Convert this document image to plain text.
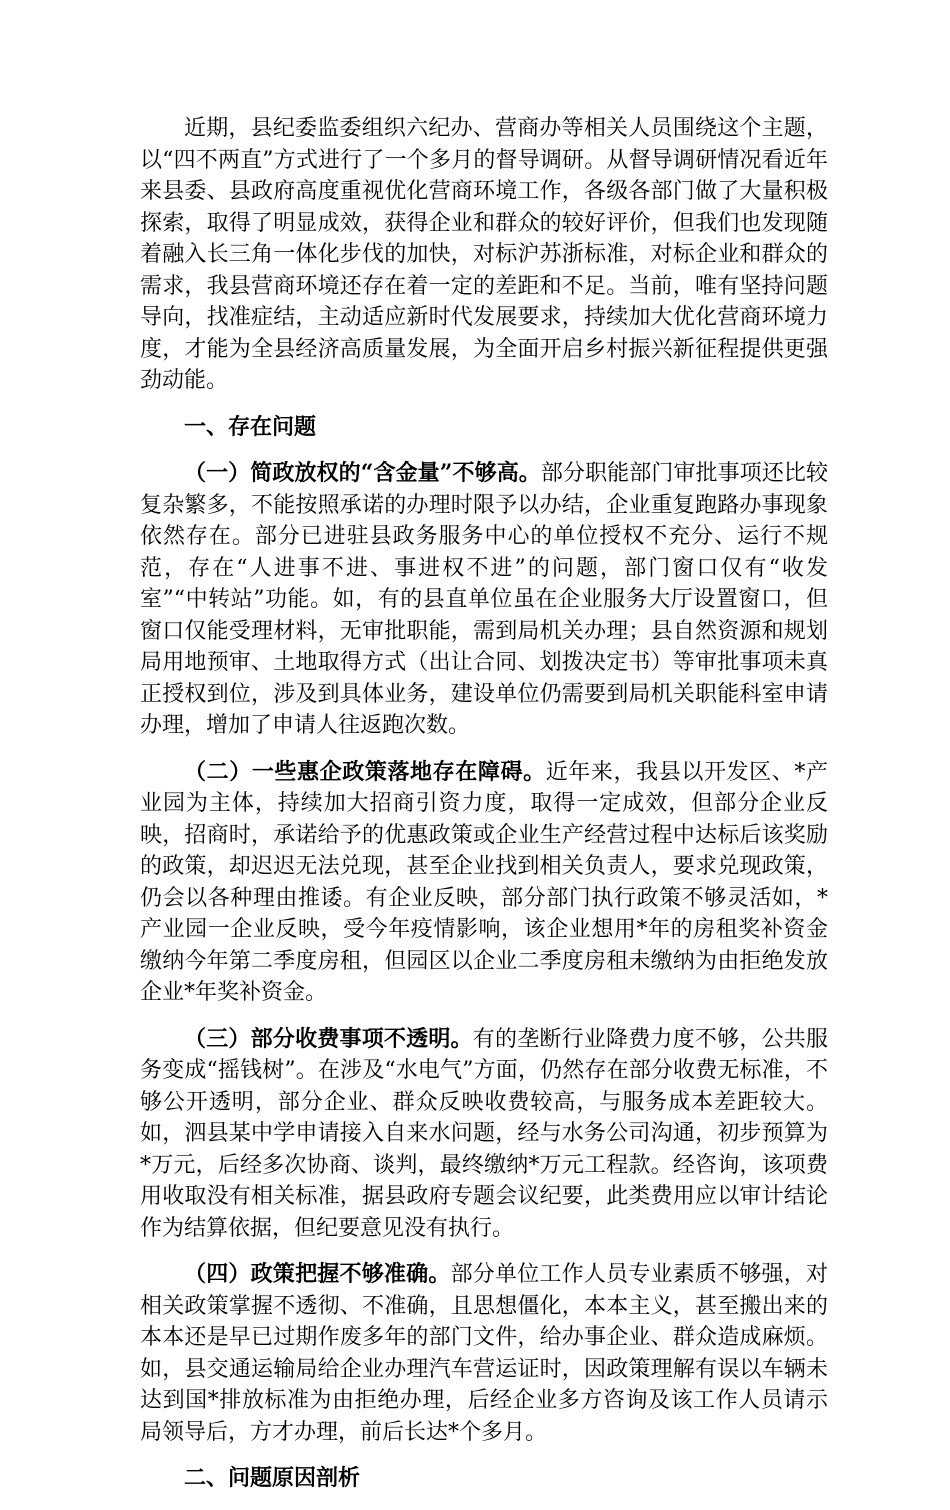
近期，县纪委监委组织六纪办、营商办等相关人员围绕这个主题，以“四不两直”方式进行了一个多月的督导调研。从督导调研情况看近年来县委、县政府高度重视优化营商环境工作，各级各部门做了大量积极探索，取得了明显成效，获得企业和群众的较好评价，但我们也发现随着融入长三角一体化步伐的加快，对标沪苏浙标准，对标企业和群众的需求，我县营商环境还存在着一定的差距和不足。当前，唯有坚持问题导向，找准症结，主动适应新时代发展要求，持续加大优化营商环境力度，才能为全县经济高质量发展，为全面开启乡村振兴新征程提供更强劲动能。

一、存在问题

（一）简政放权的“含金量”不够高。部分职能部门审批事项还比较复杂繁多，不能按照承诺的办理时限予以办结，企业重复跑路办事现象依然存在。部分已进驻县政务服务中心的单位授权不充分、运行不规范，存在“人进事不进、事进权不进”的问题，部门窗口仅有“收发室”“中转站”功能。如，有的县直单位虽在企业服务大厅设置窗口，但窗口仅能受理材料，无审批职能，需到局机关办理；县自然资源和规划局用地预审、土地取得方式（出让合同、划拨决定书）等审批事项未真正授权到位，涉及到具体业务，建设单位仍需要到局机关职能科室申请办理，增加了申请人往返跑次数。

（二）一些惠企政策落地存在障碍。近年来，我县以开发区、*产业园为主体，持续加大招商引资力度，取得一定成效，但部分企业反映，招商时，承诺给予的优惠政策或企业生产经营过程中达标后该奖励的政策，却迟迟无法兑现，甚至企业找到相关负责人，要求兑现政策，仍会以各种理由推诿。有企业反映，部分部门执行政策不够灵活如，*产业园一企业反映，受今年疫情影响，该企业想用*年的房租奖补资金缴纳今年第二季度房租，但园区以企业二季度房租未缴纳为由拒绝发放企业*年奖补资金。

（三）部分收费事项不透明。有的垄断行业降费力度不够，公共服务变成“摇钱树”。在涉及“水电气”方面，仍然存在部分收费无标准，不够公开透明，部分企业、群众反映收费较高，与服务成本差距较大。如，泗县某中学申请接入自来水问题，经与水务公司沟通，初步预算为*万元，后经多次协商、谈判，最终缴纳*万元工程款。经咨询，该项费用收取没有相关标准，据县政府专题会议纪要，此类费用应以审计结论作为结算依据，但纪要意见没有执行。

（四）政策把握不够准确。部分单位工作人员专业素质不够强，对相关政策掌握不透彻、不准确，且思想僵化，本本主义，甚至搬出来的本本还是早已过期作废多年的部门文件，给办事企业、群众造成麻烦。如，县交通运输局给企业办理汽车营运证时，因政策理解有误以车辆未达到国*排放标准为由拒绝办理，后经企业多方咨询及该工作人员请示局领导后，方才办理，前后长达*个多月。

二、问题原因剖析
